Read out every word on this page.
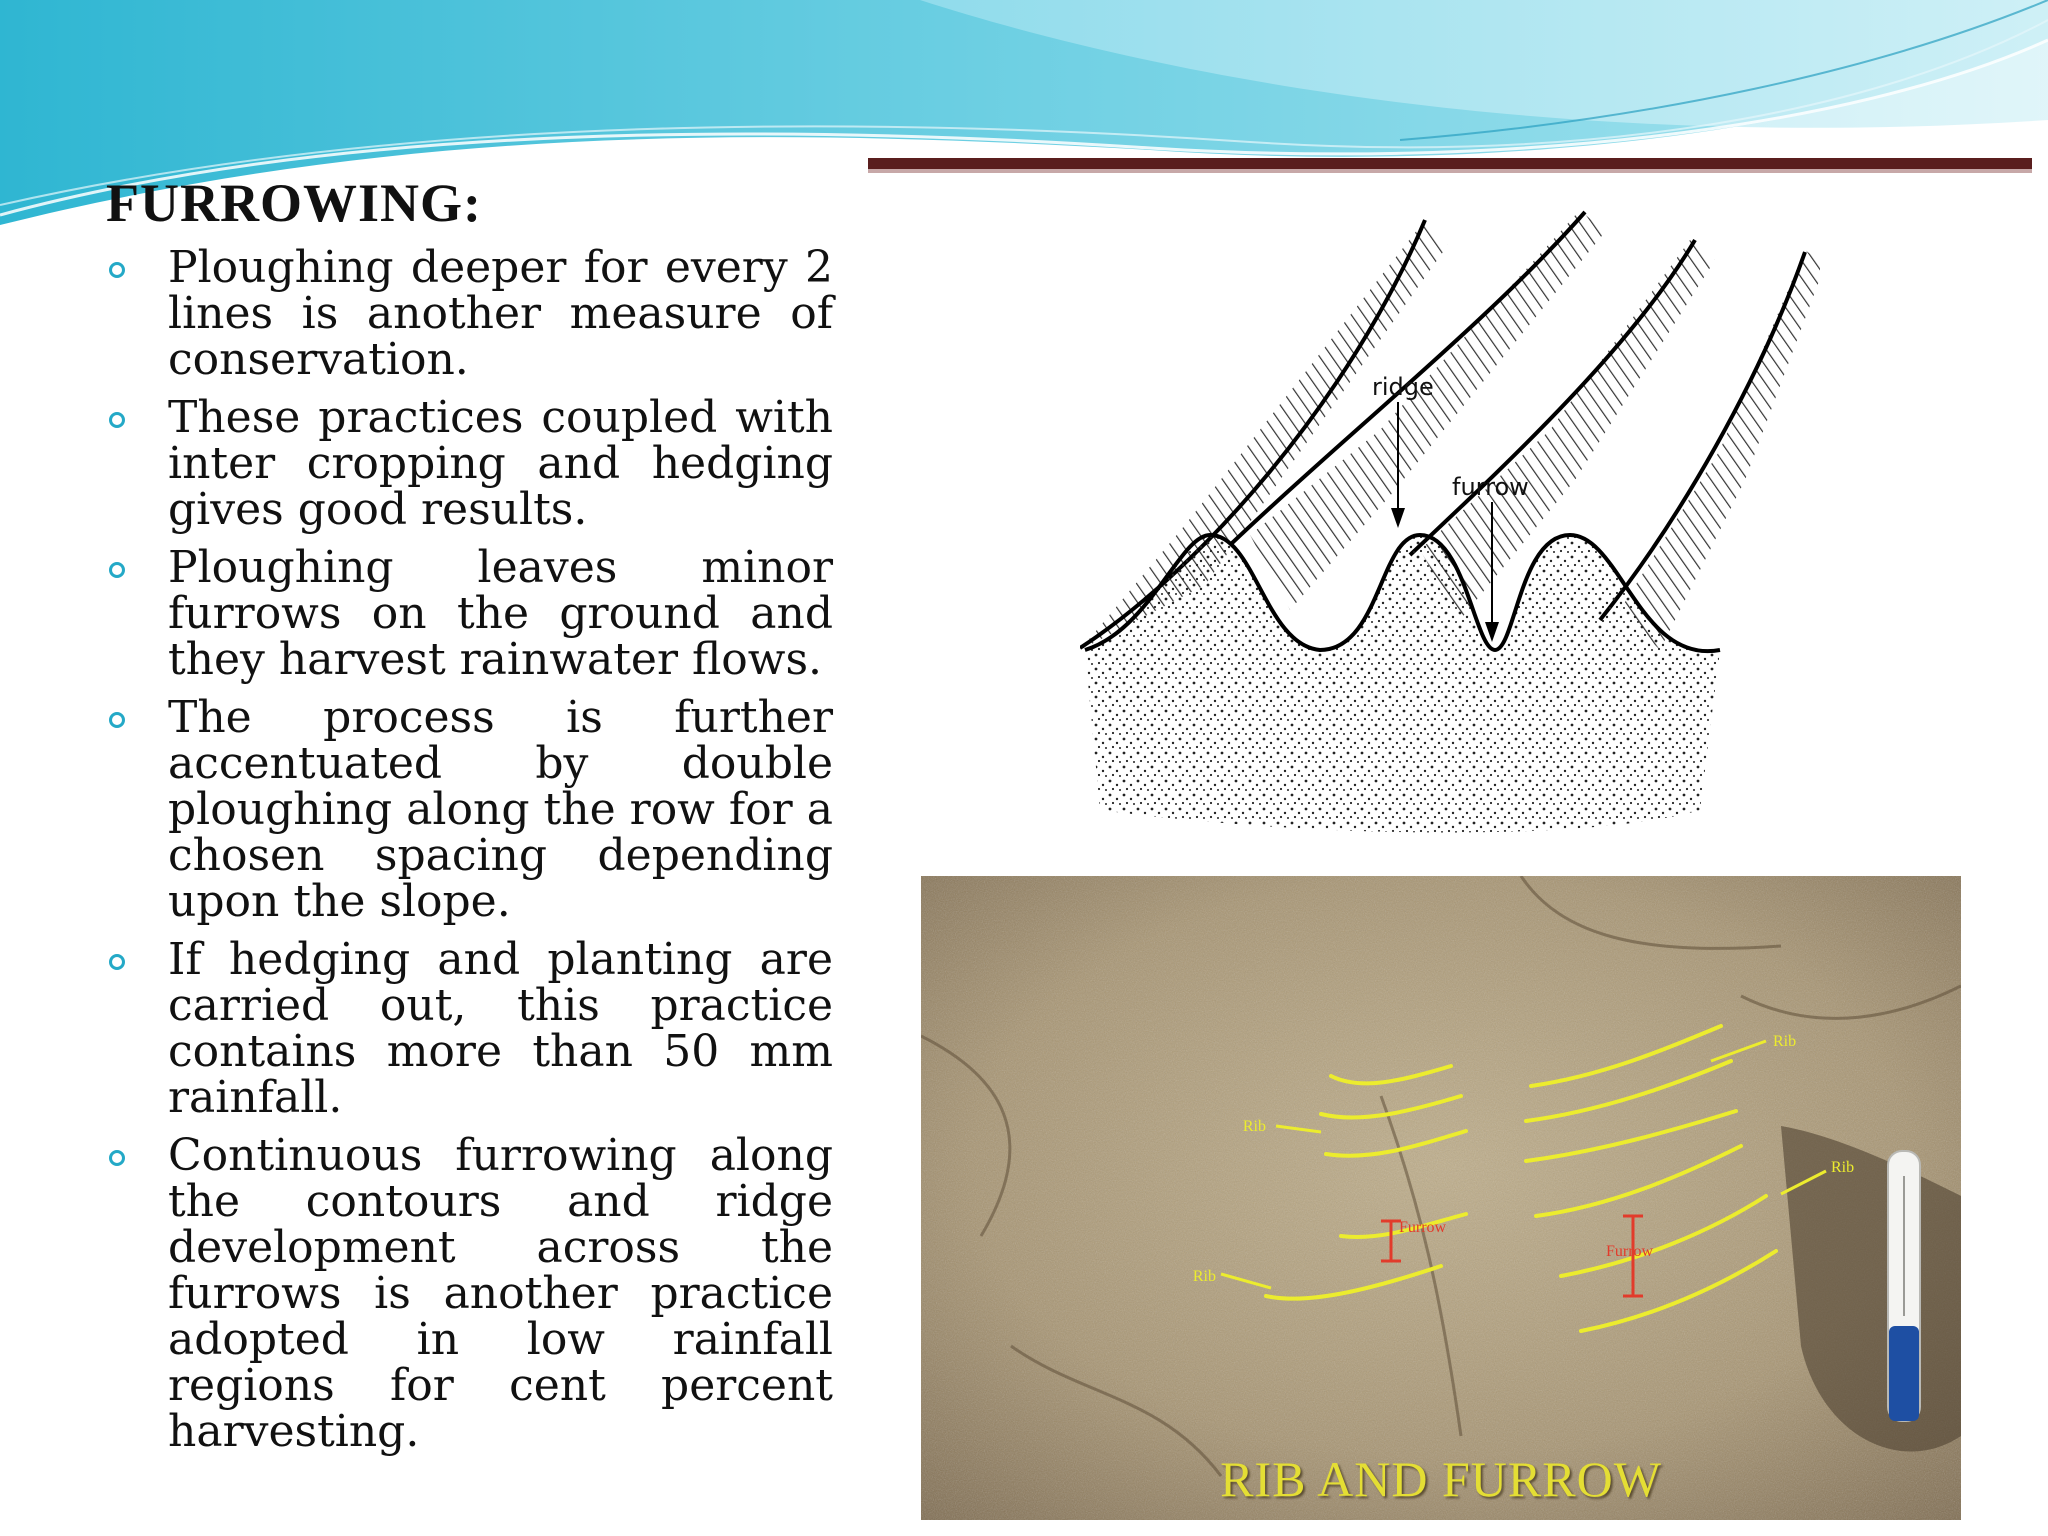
FURROWING:
Ploughing deeper for every 2 lines is another measure of conservation.
These practices coupled with inter cropping and hedging gives good results.
Ploughing leaves minor furrows on the ground and they harvest rainwater flows.
The process is further accentuated by double ploughing along the row for a chosen spacing depending upon the slope.
If hedging and planting are carried out, this practice contains more than 50 mm rainfall.
Continuous furrowing along the contours and ridge development across the furrows is another practice adopted in low rainfall regions for cent percent harvesting.
ridge
furrow
Rib
Rib
Rib
Rib
Furrow
Furrow
RIB AND FURROW
